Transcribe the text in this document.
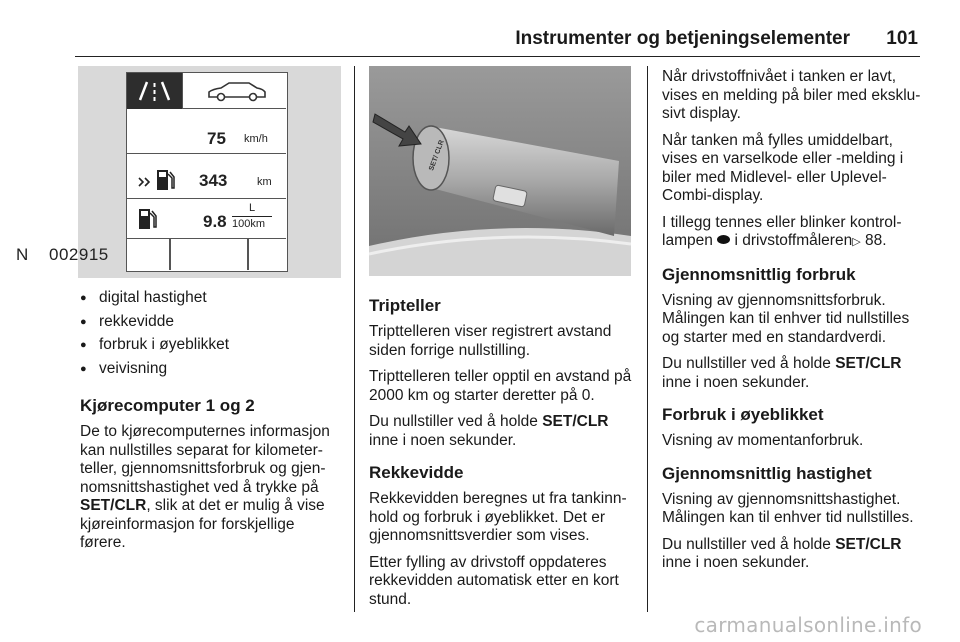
Instrumenter og betjeningselementer 101
75 km/h
343	km
9.8
L
100km
N 002915
SET/ CLR
● digital hastighet
● rekkevidde
● forbruk i øyeblikket
● veivisning
Kjørecomputer 1 og 2

De to kjørecomputernes informasjon kan nullstilles separat for kilometer-teller, gjennomsnittsforbruk og gjen-nomsnittshastighet ved å trykke på SET/CLR, slik at det er mulig å vise kjøreinformasjon for forskjellige førere.

Tripteller

Tripttelleren viser registrert avstand siden forrige nullstilling.

Tripttelleren teller opptil en avstand på 2000 km og starter deretter på 0.

Du nullstiller ved å holde SET/CLR inne i noen sekunder.

Rekkevidde

Rekkevidden beregnes ut fra tankinn-hold og forbruk i øyeblikket. Det er gjennomsnittsverdier som vises.

Etter fylling av drivstoff oppdateres rekkevidden automatisk etter en kort stund.

Når drivstoffnivået i tanken er lavt, vises en melding på biler med eksklu-sivt display.

Når tanken må fylles umiddelbart, vises en varselkode eller -melding i biler med Midlevel- eller Uplevel-Combi-display.

I tillegg tennes eller blinker kontrol-lampen  i drivstoffmåleren▷ 88.

Gjennomsnittlig forbruk

Visning av gjennomsnittsforbruk. Målingen kan til enhver tid nullstilles og starter med en standardverdi.

Du nullstiller ved å holde SET/CLR inne i noen sekunder.

Forbruk i øyeblikket

Visning av momentanforbruk.

Gjennomsnittlig hastighet

Visning av gjennomsnittshastighet. Målingen kan til enhver tid nullstilles.

Du nullstiller ved å holde SET/CLR inne i noen sekunder.

carmanualsonline.info
